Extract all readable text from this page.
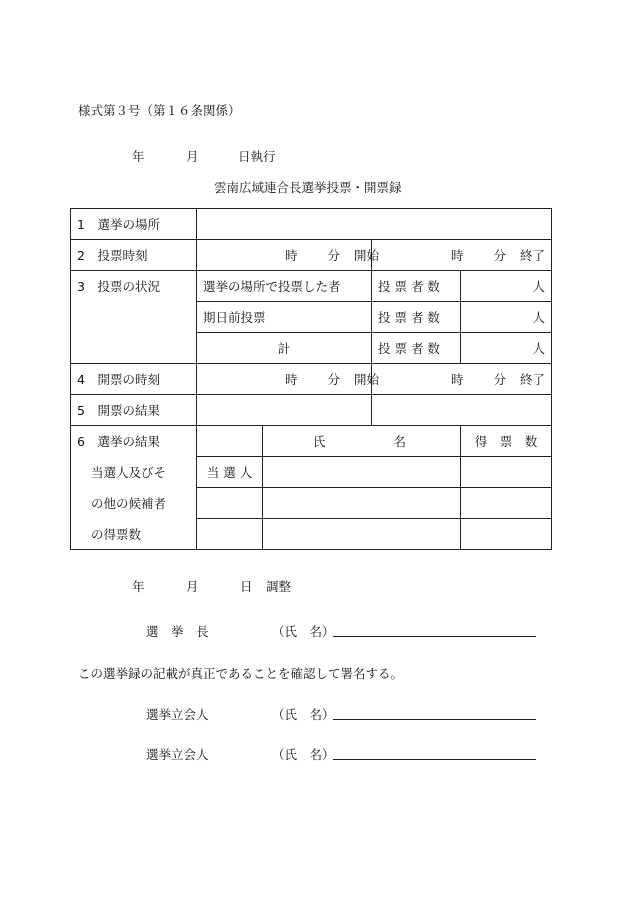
様式第３号（第１６条関係）
年	月	日執行
雲南広域連合長選挙投票・開票録
1　選挙の場所				
2　投票時刻	時 分 開始		時 分 終了	
3　投票の状況	選挙の場所で投票した者		投 票 者 数	人
	期日前投票		投 票 者 数	人
	計		投 票 者 数	人
4　開票の時刻	時 分 開始		時 分 終了	
5　開票の結果				
6　選挙の結果		氏 名		得　票　数
当選人及びそ	当 選 人			
の他の候補者				
の得票数				
年	月	日 調整
選　挙　長	（氏　名）
この選挙録の記載が真正であることを確認して署名する。
選挙立会人	（氏　名）
選挙立会人	（氏　名）
